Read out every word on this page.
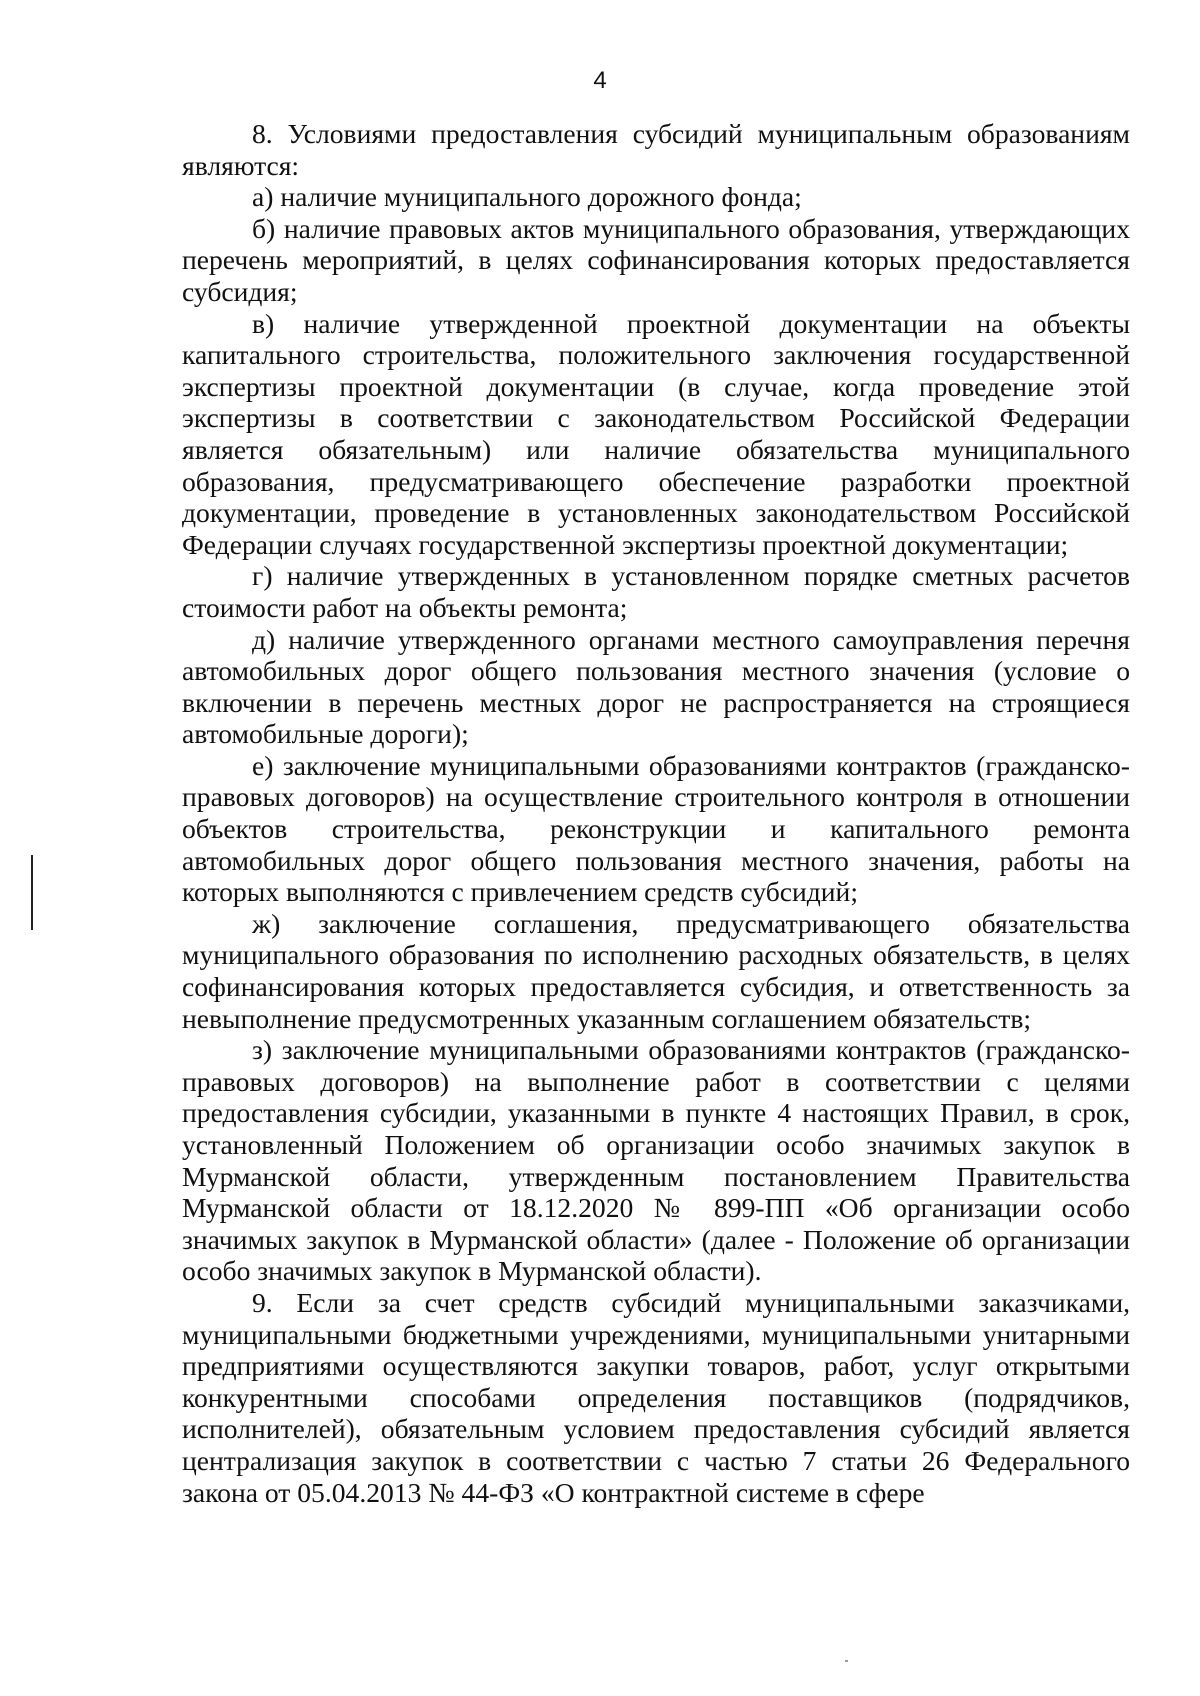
4

8. Условиями предоставления субсидий муниципальным образованиям являются:

а) наличие муниципального дорожного фонда;

б) наличие правовых актов муниципального образования, утверждающих перечень мероприятий, в целях софинансирования которых предоставляется субсидия;

в) наличие утвержденной проектной документации на объекты капитального строительства, положительного заключения государственной экспертизы проектной документации (в случае, когда проведение этой экспертизы в соответствии с законодательством Российской Федерации является обязательным) или наличие обязательства муниципального образования, предусматривающего обеспечение разработки проектной документации, проведение в установленных законодательством Российской Федерации случаях государственной экспертизы проектной документации;

г) наличие утвержденных в установленном порядке сметных расчетов стоимости работ на объекты ремонта;

д) наличие утвержденного органами местного самоуправления перечня автомобильных дорог общего пользования местного значения (условие о включении в перечень местных дорог не распространяется на строящиеся автомобильные дороги);

е) заключение муниципальными образованиями контрактов (гражданско-правовых договоров) на осуществление строительного контроля в отношении объектов строительства, реконструкции и капитального ремонта автомобильных дорог общего пользования местного значения, работы на которых выполняются с привлечением средств субсидий;

ж) заключение соглашения, предусматривающего обязательства муниципального образования по исполнению расходных обязательств, в целях софинансирования которых предоставляется субсидия, и ответственность за невыполнение предусмотренных указанным соглашением обязательств;

з) заключение муниципальными образованиями контрактов (гражданско-правовых договоров) на выполнение работ в соответствии с целями предоставления субсидии, указанными в пункте 4 настоящих Правил, в срок, установленный Положением об организации особо значимых закупок в Мурманской области, утвержденным постановлением Правительства Мурманской области от 18.12.2020 № 899-ПП «Об организации особо значимых закупок в Мурманской области» (далее - Положение об организации особо значимых закупок в Мурманской области).

9. Если за счет средств субсидий муниципальными заказчиками, муниципальными бюджетными учреждениями, муниципальными унитарными предприятиями осуществляются закупки товаров, работ, услуг открытыми конкурентными способами определения поставщиков (подрядчиков, исполнителей), обязательным условием предоставления субсидий является централизация закупок в соответствии с частью 7 статьи 26 Федерального закона от 05.04.2013 № 44-ФЗ «О контрактной системе в сфере
